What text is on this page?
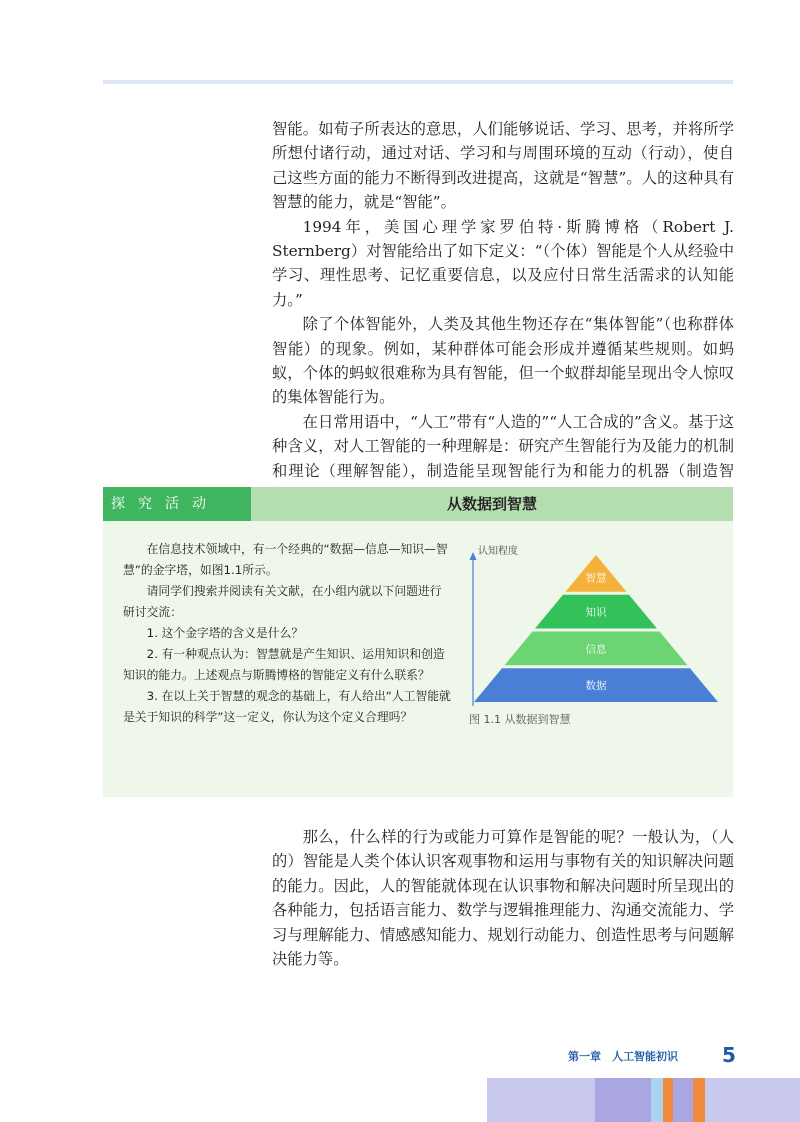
智能。如荀子所表达的意思，人们能够说话、学习、思考，并将所学所想付诸行动，通过对话、学习和与周围环境的互动（行动），使自己这些方面的能力不断得到改进提高，这就是“智慧”。人的这种具有智慧的能力，就是“智能”。

1994年，美国心理学家罗伯特·斯腾博格（Robert J. Sternberg）对智能给出了如下定义：“（个体）智能是个人从经验中学习、理性思考、记忆重要信息，以及应付日常生活需求的认知能力。”

除了个体智能外，人类及其他生物还存在“集体智能”（也称群体智能）的现象。例如，某种群体可能会形成并遵循某些规则。如蚂蚁，个体的蚂蚁很难称为具有智能，但一个蚁群却能呈现出令人惊叹的集体智能行为。

在日常用语中，“人工”带有“人造的”“人工合成的”含义。基于这种含义，对人工智能的一种理解是：研究产生智能行为及能力的机制和理论（理解智能），制造能呈现智能行为和能力的机器（制造智

探究活动	从数据到智慧

在信息技术领域中，有一个经典的“数据—信息—知识—智慧”的金字塔，如图1.1所示。

请同学们搜索并阅读有关文献，在小组内就以下问题进行研讨交流：

1. 这个金字塔的含义是什么？

2. 有一种观点认为：智慧就是产生知识、运用知识和创造知识的能力。上述观点与斯腾博格的智能定义有什么联系？

3. 在以上关于智慧的观念的基础上，有人给出“人工智能就是关于知识的科学”这一定义，你认为这个定义合理吗？

认知程度
数据
信息
知识
智慧
图 1.1 从数据到智慧

那么，什么样的行为或能力可算作是智能的呢？一般认为，（人的）智能是人类个体认识客观事物和运用与事物有关的知识解决问题的能力。因此，人的智能就体现在认识事物和解决问题时所呈现出的各种能力，包括语言能力、数学与逻辑推理能力、沟通交流能力、学习与理解能力、情感感知能力、规划行动能力、创造性思考与问题解决能力等。

第一章　人工智能初识 5
